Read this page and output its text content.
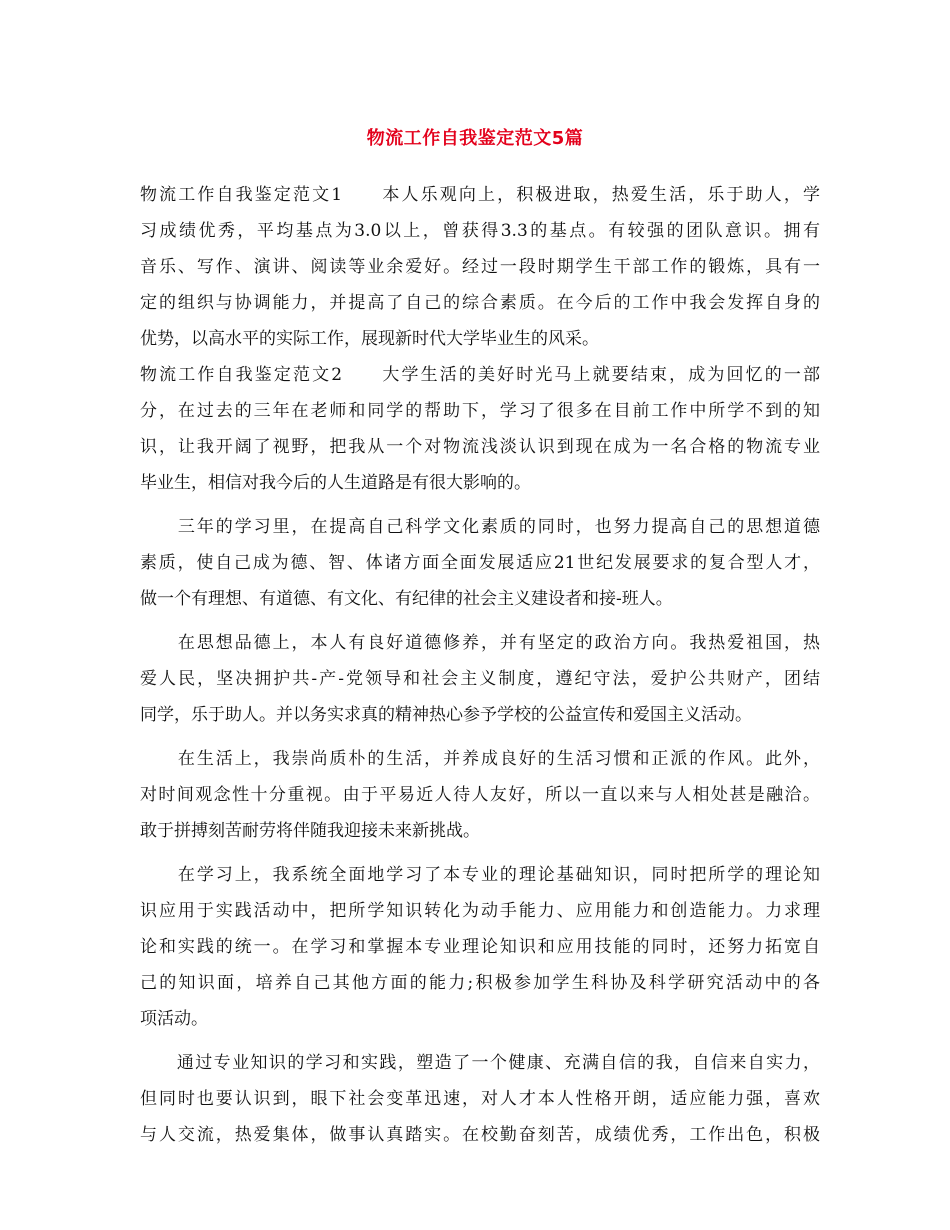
物流工作自我鉴定范文5篇
物流工作自我鉴定范文1　　本人乐观向上，积极进取，热爱生活，乐于助人，学
习成绩优秀，平均基点为3.0以上，曾获得3.3的基点。有较强的团队意识。拥有
音乐、写作、演讲、阅读等业余爱好。经过一段时期学生干部工作的锻炼，具有一
定的组织与协调能力，并提高了自己的综合素质。在今后的工作中我会发挥自身的
优势，以高水平的实际工作，展现新时代大学毕业生的风采。
物流工作自我鉴定范文2　　大学生活的美好时光马上就要结束，成为回忆的一部
分，在过去的三年在老师和同学的帮助下，学习了很多在目前工作中所学不到的知
识，让我开阔了视野，把我从一个对物流浅淡认识到现在成为一名合格的物流专业
毕业生，相信对我今后的人生道路是有很大影响的。
　　三年的学习里，在提高自己科学文化素质的同时，也努力提高自己的思想道德
素质，使自己成为德、智、体诸方面全面发展适应21世纪发展要求的复合型人才，
做一个有理想、有道德、有文化、有纪律的社会主义建设者和接-班人。
　　在思想品德上，本人有良好道德修养，并有坚定的政治方向。我热爱祖国，热
爱人民，坚决拥护共-产-党领导和社会主义制度，遵纪守法，爱护公共财产，团结
同学，乐于助人。并以务实求真的精神热心参予学校的公益宣传和爱国主义活动。
　　在生活上，我崇尚质朴的生活，并养成良好的生活习惯和正派的作风。此外，
对时间观念性十分重视。由于平易近人待人友好，所以一直以来与人相处甚是融洽。
敢于拼搏刻苦耐劳将伴随我迎接未来新挑战。
　　在学习上，我系统全面地学习了本专业的理论基础知识，同时把所学的理论知
识应用于实践活动中，把所学知识转化为动手能力、应用能力和创造能力。力求理
论和实践的统一。在学习和掌握本专业理论知识和应用技能的同时，还努力拓宽自
己的知识面，培养自己其他方面的能力;积极参加学生科协及科学研究活动中的各
项活动。
　　通过专业知识的学习和实践，塑造了一个健康、充满自信的我，自信来自实力，
但同时也要认识到，眼下社会变革迅速，对人才本人性格开朗，适应能力强，喜欢
与人交流，热爱集体，做事认真踏实。在校勤奋刻苦，成绩优秀，工作出色，积极
